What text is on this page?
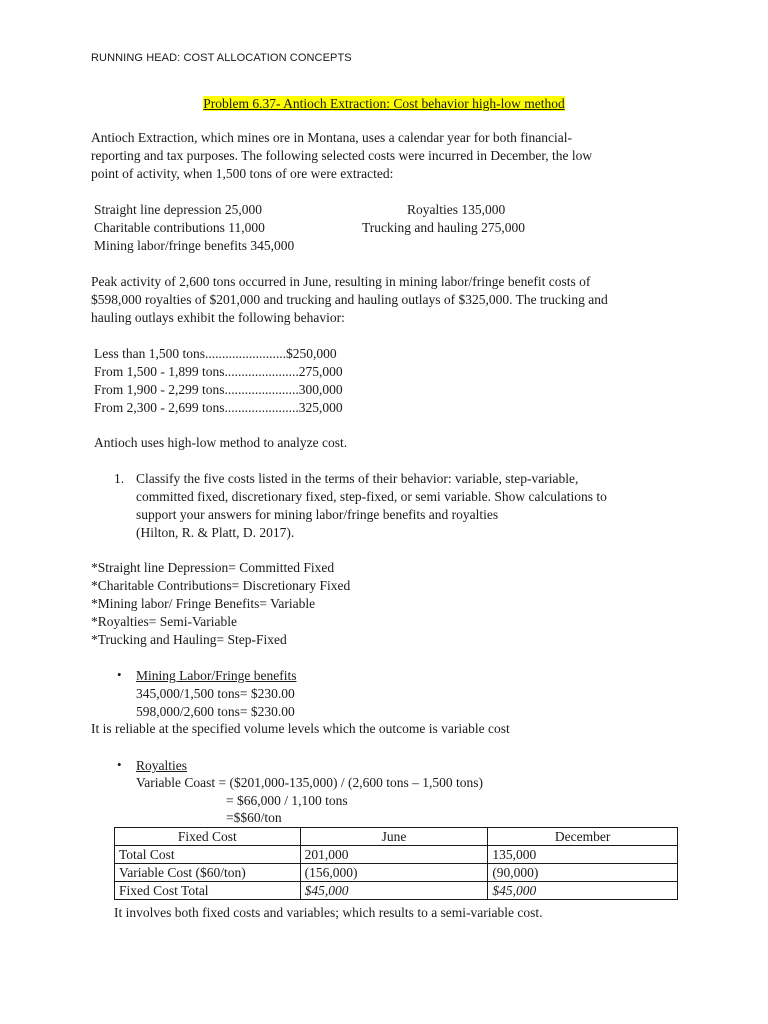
RUNNING HEAD: COST ALLOCATION CONCEPTS
Problem 6.37- Antioch Extraction: Cost behavior high-low method
Antioch Extraction, which mines ore in Montana, uses a calendar year for both financial-
reporting and tax purposes. The following selected costs were incurred in December, the low
point of activity, when 1,500 tons of ore were extracted:
Straight line depression 25,000
Charitable contributions 11,000
Mining labor/fringe benefits 345,000
Royalties 135,000
Trucking and hauling 275,000
Peak activity of 2,600 tons occurred in June, resulting in mining labor/fringe benefit costs of
$598,000 royalties of $201,000 and trucking and hauling outlays of $325,000. The trucking and
hauling outlays exhibit the following behavior:
Less than 1,500 tons........................$250,000
From 1,500 - 1,899 tons......................275,000
From 1,900 - 2,299 tons......................300,000
From 2,300 - 2,699 tons......................325,000
Antioch uses high-low method to analyze cost.
1. Classify the five costs listed in the terms of their behavior: variable, step-variable,
committed fixed, discretionary fixed, step-fixed, or semi variable. Show calculations to
support your answers for mining labor/fringe benefits and royalties
(Hilton, R. & Platt, D. 2017).
*Straight line Depression= Committed Fixed
*Charitable Contributions= Discretionary Fixed
*Mining labor/ Fringe Benefits= Variable
*Royalties= Semi-Variable
*Trucking and Hauling= Step-Fixed
• Mining Labor/Fringe benefits
345,000/1,500 tons= $230.00
598,000/2,600 tons= $230.00
It is reliable at the specified volume levels which the outcome is variable cost
• Royalties
Variable Coast = ($201,000-135,000) / (2,600 tons – 1,500 tons)
= $66,000 / 1,100 tons
=$$60/ton
Fixed Cost	June	December
Total Cost	201,000	135,000
Variable Cost ($60/ton)	(156,000)	(90,000)
Fixed Cost Total	$45,000	$45,000
It involves both fixed costs and variables; which results to a semi-variable cost.
